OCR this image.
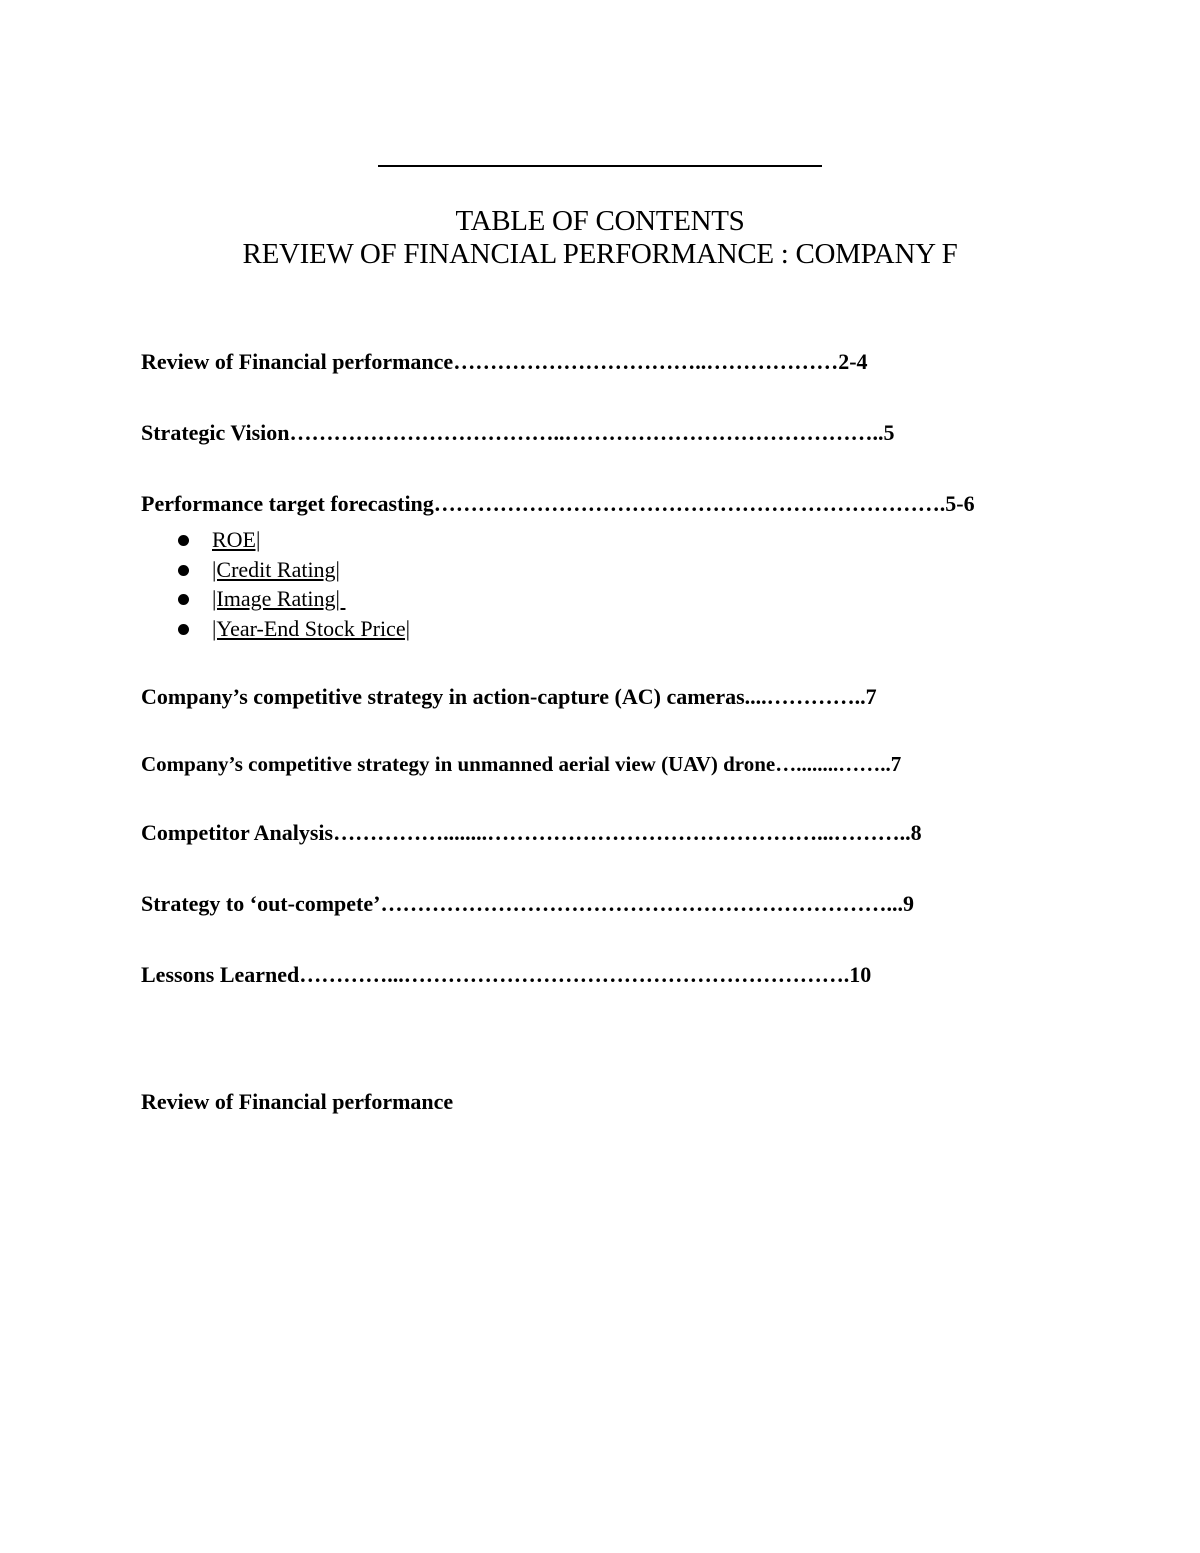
TABLE OF CONTENTS
REVIEW OF FINANCIAL PERFORMANCE : COMPANY F
Review of Financial performance……………………………..………………2-4
Strategic Vision………………………………..……………………………………..5
Performance target forecasting…………………………………………………………….5-6
ROE|
|Credit Rating|
|Image Rating|
|Year-End Stock Price|
Company’s competitive strategy in action-capture (AC) cameras....…………..7
Company’s competitive strategy in unmanned aerial view (UAV) drone…........……..7
Competitor Analysis……………........………………………………………...………..8
Strategy to ‘out-compete’……………………………………………………………...9
Lessons Learned…………...…………………………………………………….10
Review of Financial performance
